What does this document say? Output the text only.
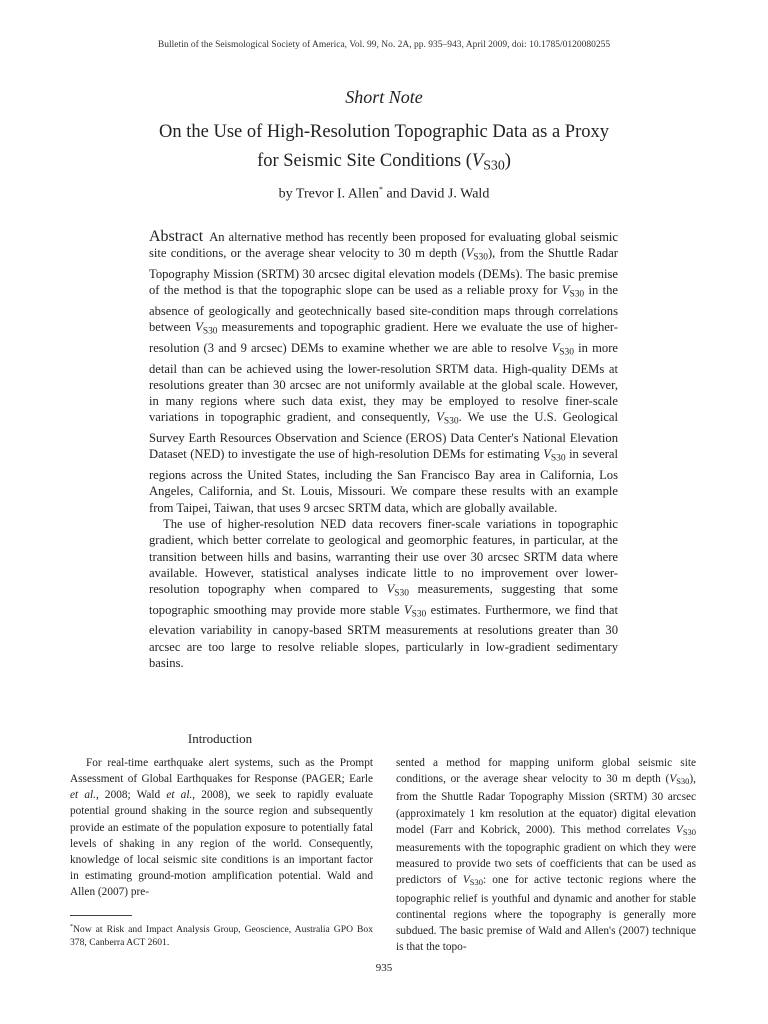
Bulletin of the Seismological Society of America, Vol. 99, No. 2A, pp. 935–943, April 2009, doi: 10.1785/0120080255
Short Note
On the Use of High-Resolution Topographic Data as a Proxy
for Seismic Site Conditions $(V_{S30})$
by Trevor I. Allen* and David J. Wald

Abstract An alternative method has recently been proposed for evaluating global seismic site conditions, or the average shear velocity to 30 m depth $(V_{S30})$, from the Shuttle Radar Topography Mission (SRTM) 30 arcsec digital elevation models (DEMs). The basic premise of the method is that the topographic slope can be used as a reliable proxy for $V_{S30}$ in the absence of geologically and geotechnically based site-condition maps through correlations between $V_{S30}$ measurements and topographic gradient. Here we evaluate the use of higher-resolution (3 and 9 arcsec) DEMs to examine whether we are able to resolve $V_{S30}$ in more detail than can be achieved using the lower-resolution SRTM data. High-quality DEMs at resolutions greater than 30 arcsec are not uniformly available at the global scale. However, in many regions where such data exist, they may be employed to resolve finer-scale variations in topographic gradient, and consequently, $V_{S30}$. We use the U.S. Geological Survey Earth Resources Observation and Science (EROS) Data Center's National Elevation Dataset (NED) to investigate the use of high-resolution DEMs for estimating $V_{S30}$ in several regions across the United States, including the San Francisco Bay area in California, Los Angeles, California, and St. Louis, Missouri. We compare these results with an example from Taipei, Taiwan, that uses 9 arcsec SRTM data, which are globally available.

The use of higher-resolution NED data recovers finer-scale variations in topographic gradient, which better correlate to geological and geomorphic features, in particular, at the transition between hills and basins, warranting their use over 30 arcsec SRTM data where available. However, statistical analyses indicate little to no improvement over lower-resolution topography when compared to $V_{S30}$ measurements, suggesting that some topographic smoothing may provide more stable $V_{S30}$ estimates. Furthermore, we find that elevation variability in canopy-based SRTM measurements at resolutions greater than 30 arcsec are too large to resolve reliable slopes, particularly in low-gradient sedimentary basins.

Introduction

For real-time earthquake alert systems, such as the Prompt Assessment of Global Earthquakes for Response (PAGER; Earle et al., 2008; Wald et al., 2008), we seek to rapidly evaluate potential ground shaking in the source region and subsequently provide an estimate of the population exposure to potentially fatal levels of shaking in any region of the world. Consequently, knowledge of local seismic site conditions is an important factor in estimating ground-motion amplification potential. Wald and Allen (2007) pre-

sented a method for mapping uniform global seismic site conditions, or the average shear velocity to 30 m depth $(V_{S30})$, from the Shuttle Radar Topography Mission (SRTM) 30 arcsec (approximately 1 km resolution at the equator) digital elevation model (Farr and Kobrick, 2000). This method correlates $V_{S30}$ measurements with the topographic gradient on which they were measured to provide two sets of coefficients that can be used as predictors of $V_{S30}$: one for active tectonic regions where the topographic relief is youthful and dynamic and another for stable continental regions where the topography is generally more subdued. The basic premise of Wald and Allen's (2007) technique is that the topo-

*Now at Risk and Impact Analysis Group, Geoscience, Australia GPO Box 378, Canberra ACT 2601.
935
